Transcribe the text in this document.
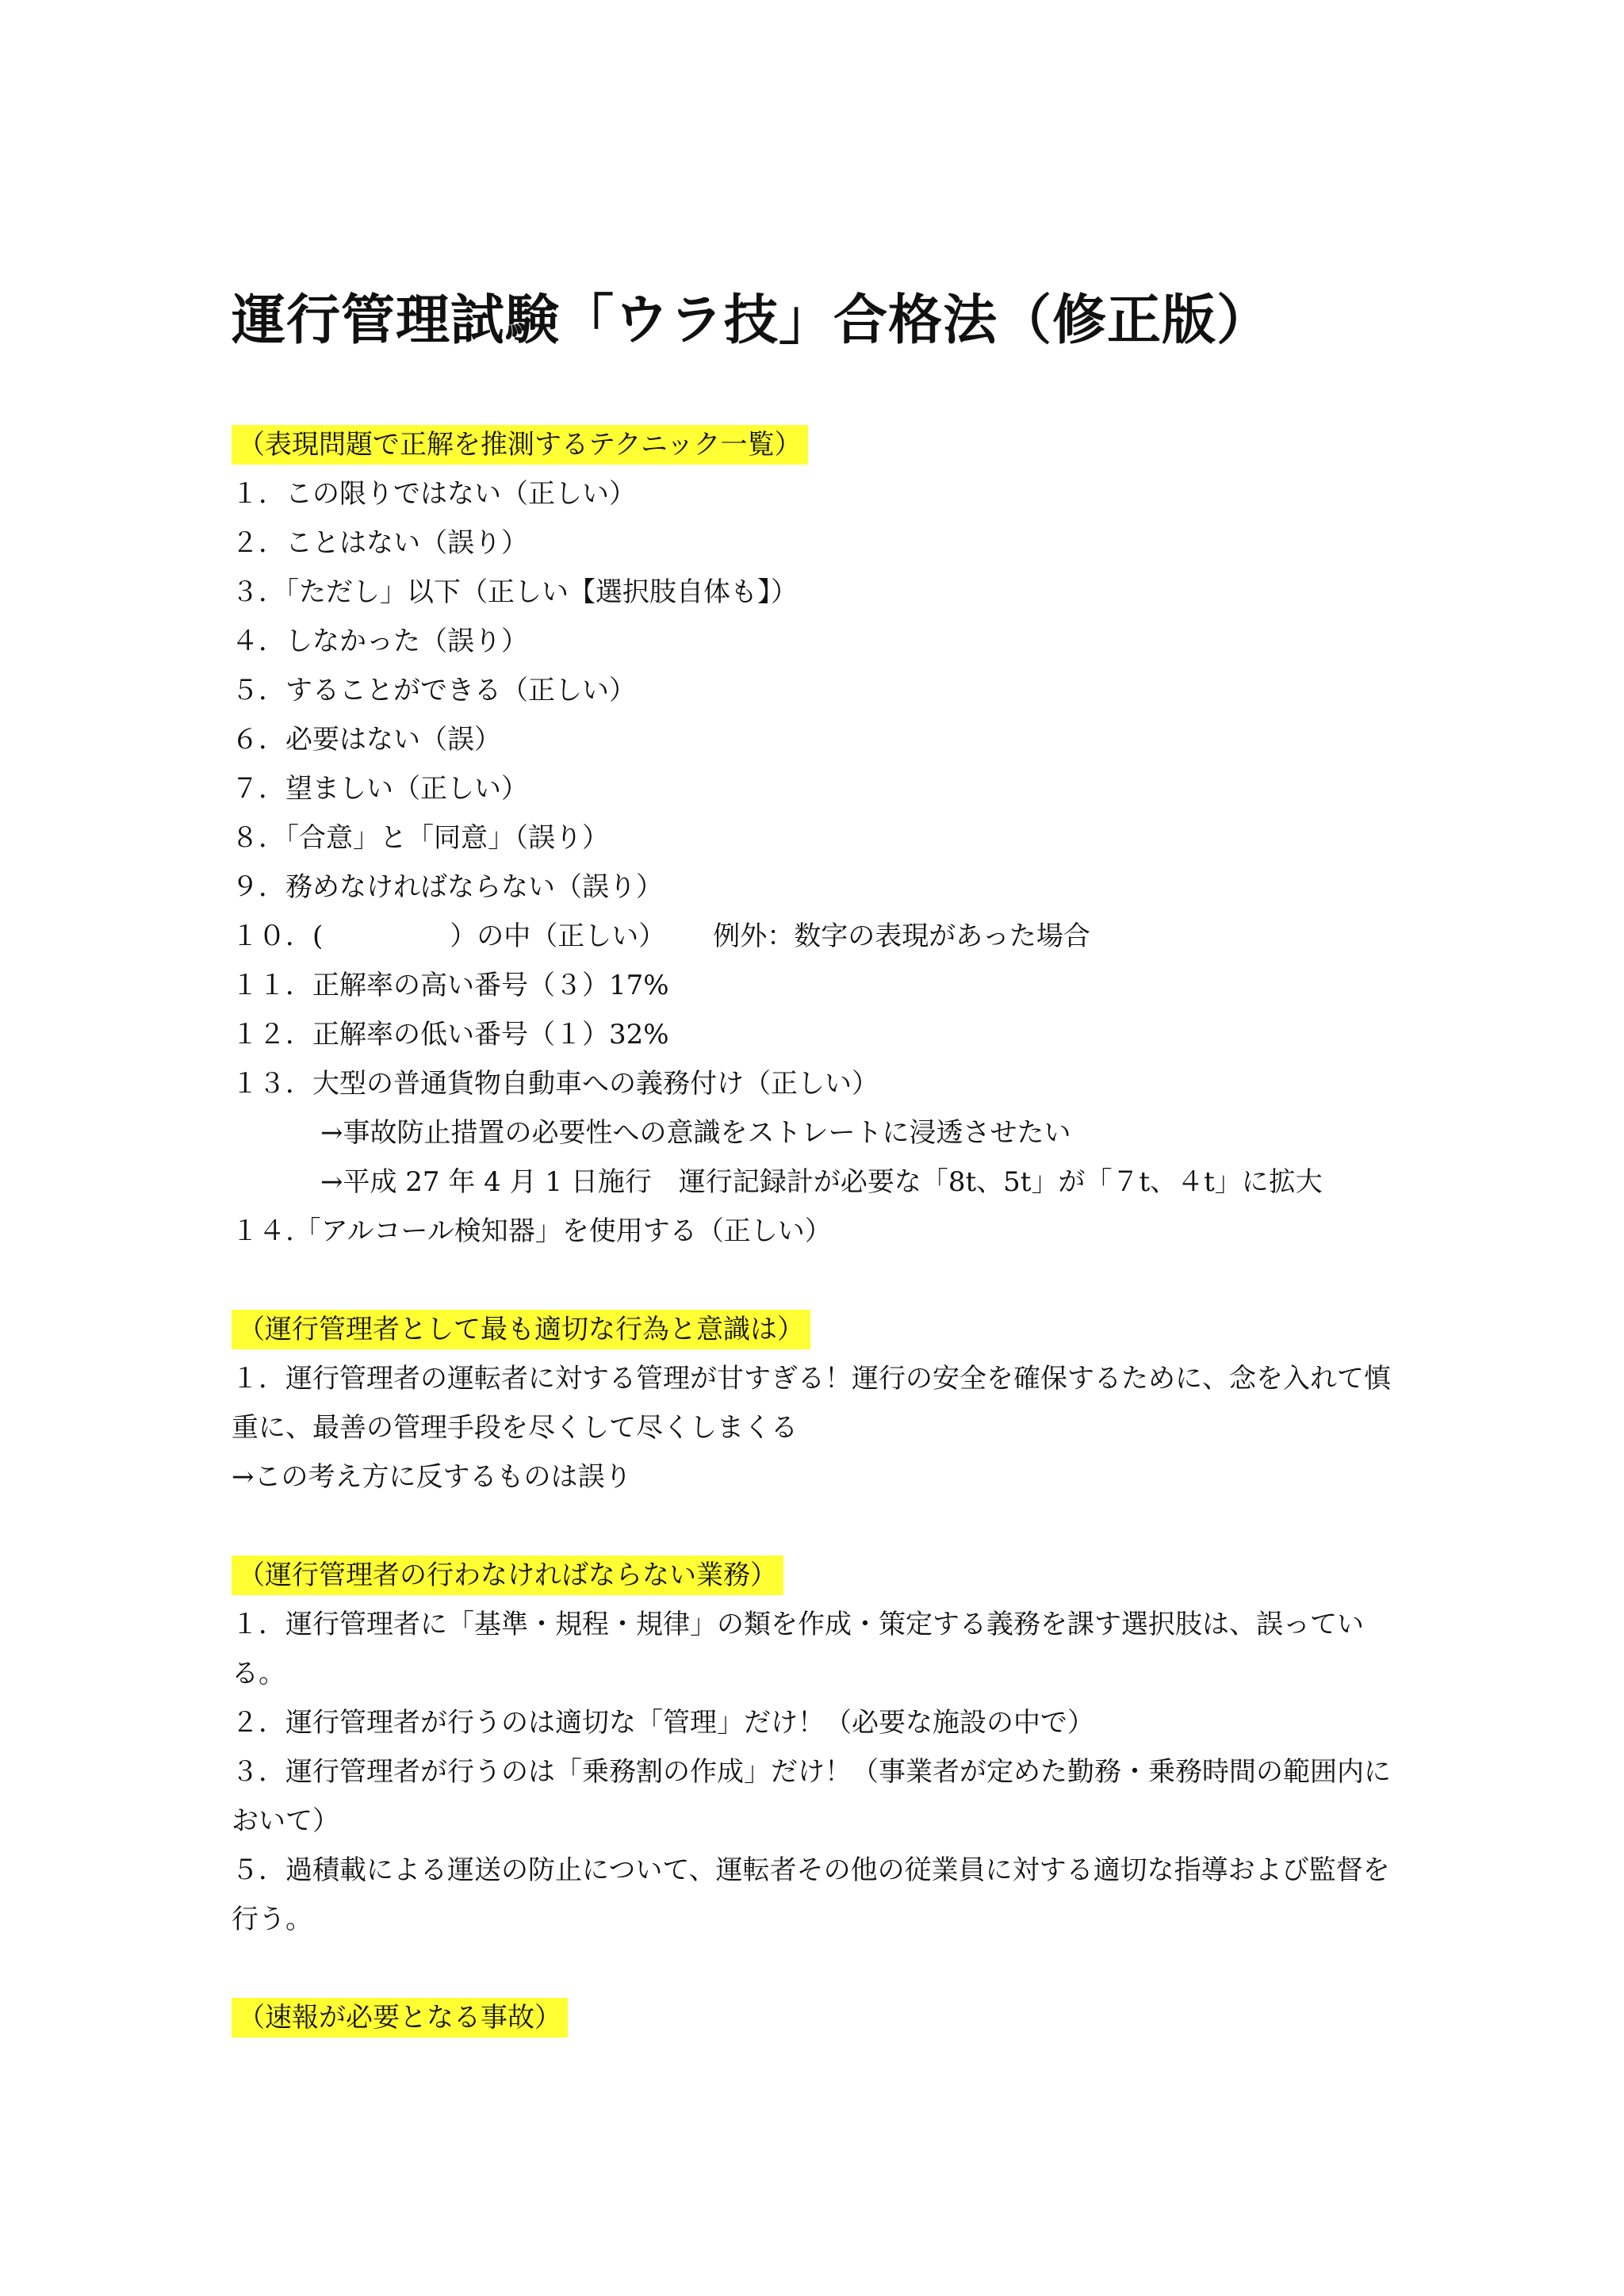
運行管理試験「ウラ技」合格法（修正版）
（表現問題で正解を推測するテクニック一覧）
１．この限りではない（正しい）
２．ことはない（誤り）
３．「ただし」以下（正しい【選択肢自体も】）
４．しなかった（誤り）
５．することができる（正しい）
６．必要はない（誤）
７．望ましい（正しい）
８．「合意」と「同意」（誤り）
９．務めなければならない（誤り）
１０．(	）の中（正しい） 例外：数字の表現があった場合
１１．正解率の高い番号（３）17%
１２．正解率の低い番号（１）32%
１３．大型の普通貨物自動車への義務付け（正しい）
→事故防止措置の必要性への意識をストレートに浸透させたい
→平成 27 年 4 月 1 日施行　運行記録計が必要な「8t、5t」が「７t、４t」に拡大
１４.「アルコール検知器」を使用する（正しい）
（運行管理者として最も適切な行為と意識は）
１．運行管理者の運転者に対する管理が甘すぎる！運行の安全を確保するために、念を入れて慎重に、最善の管理手段を尽くして尽くしまくる
→この考え方に反するものは誤り
（運行管理者の行わなければならない業務）
１．運行管理者に「基準・規程・規律」の類を作成・策定する義務を課す選択肢は、誤っている。
２．運行管理者が行うのは適切な「管理」だけ！（必要な施設の中で）
３．運行管理者が行うのは「乗務割の作成」だけ！（事業者が定めた勤務・乗務時間の範囲内において）
５．過積載による運送の防止について、運転者その他の従業員に対する適切な指導および監督を行う。
（速報が必要となる事故）
